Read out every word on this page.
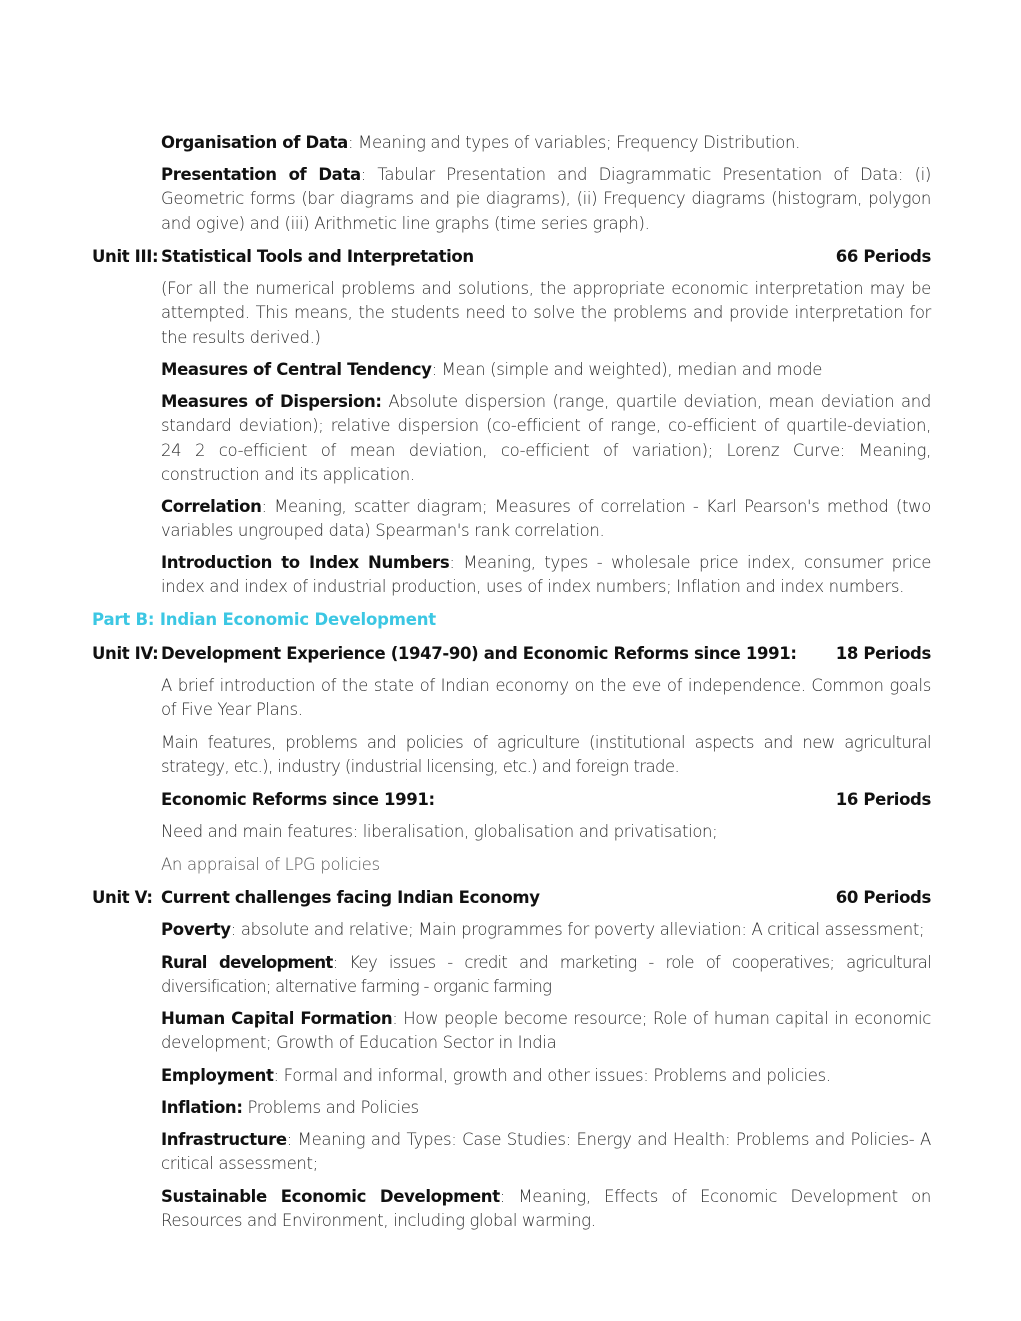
Organisation of Data: Meaning and types of variables; Frequency Distribution.
Presentation of Data: Tabular Presentation and Diagrammatic Presentation of Data: (i) Geometric forms (bar diagrams and pie diagrams), (ii) Frequency diagrams (histogram, polygon and ogive) and (iii) Arithmetic line graphs (time series graph).
Unit III: Statistical Tools and Interpretation	66 Periods
(For all the numerical problems and solutions, the appropriate economic interpretation may be attempted. This means, the students need to solve the problems and provide interpretation for the results derived.)
Measures of Central Tendency: Mean (simple and weighted), median and mode
Measures of Dispersion: Absolute dispersion (range, quartile deviation, mean deviation and standard deviation); relative dispersion (co-efficient of range, co-efficient of quartile-deviation, 24 2 co-efficient of mean deviation, co-efficient of variation); Lorenz Curve: Meaning, construction and its application.
Correlation: Meaning, scatter diagram; Measures of correlation - Karl Pearson's method (two variables ungrouped data) Spearman's rank correlation.
Introduction to Index Numbers: Meaning, types - wholesale price index, consumer price index and index of industrial production, uses of index numbers; Inflation and index numbers.
Part B: Indian Economic Development
Unit IV: Development Experience (1947-90) and Economic Reforms since 1991: 18 Periods
A brief introduction of the state of Indian economy on the eve of independence. Common goals of Five Year Plans.
Main features, problems and policies of agriculture (institutional aspects and new agricultural strategy, etc.), industry (industrial licensing, etc.) and foreign trade.
Economic Reforms since 1991:	16 Periods
Need and main features: liberalisation, globalisation and privatisation;
An appraisal of LPG policies
Unit V: Current challenges facing Indian Economy	60 Periods
Poverty: absolute and relative; Main programmes for poverty alleviation: A critical assessment;
Rural development: Key issues - credit and marketing - role of cooperatives; agricultural diversification; alternative farming - organic farming
Human Capital Formation: How people become resource; Role of human capital in economic development; Growth of Education Sector in India
Employment: Formal and informal, growth and other issues: Problems and policies.
Inflation: Problems and Policies
Infrastructure: Meaning and Types: Case Studies: Energy and Health: Problems and Policies- A critical assessment;
Sustainable Economic Development: Meaning, Effects of Economic Development on Resources and Environment, including global warming.
